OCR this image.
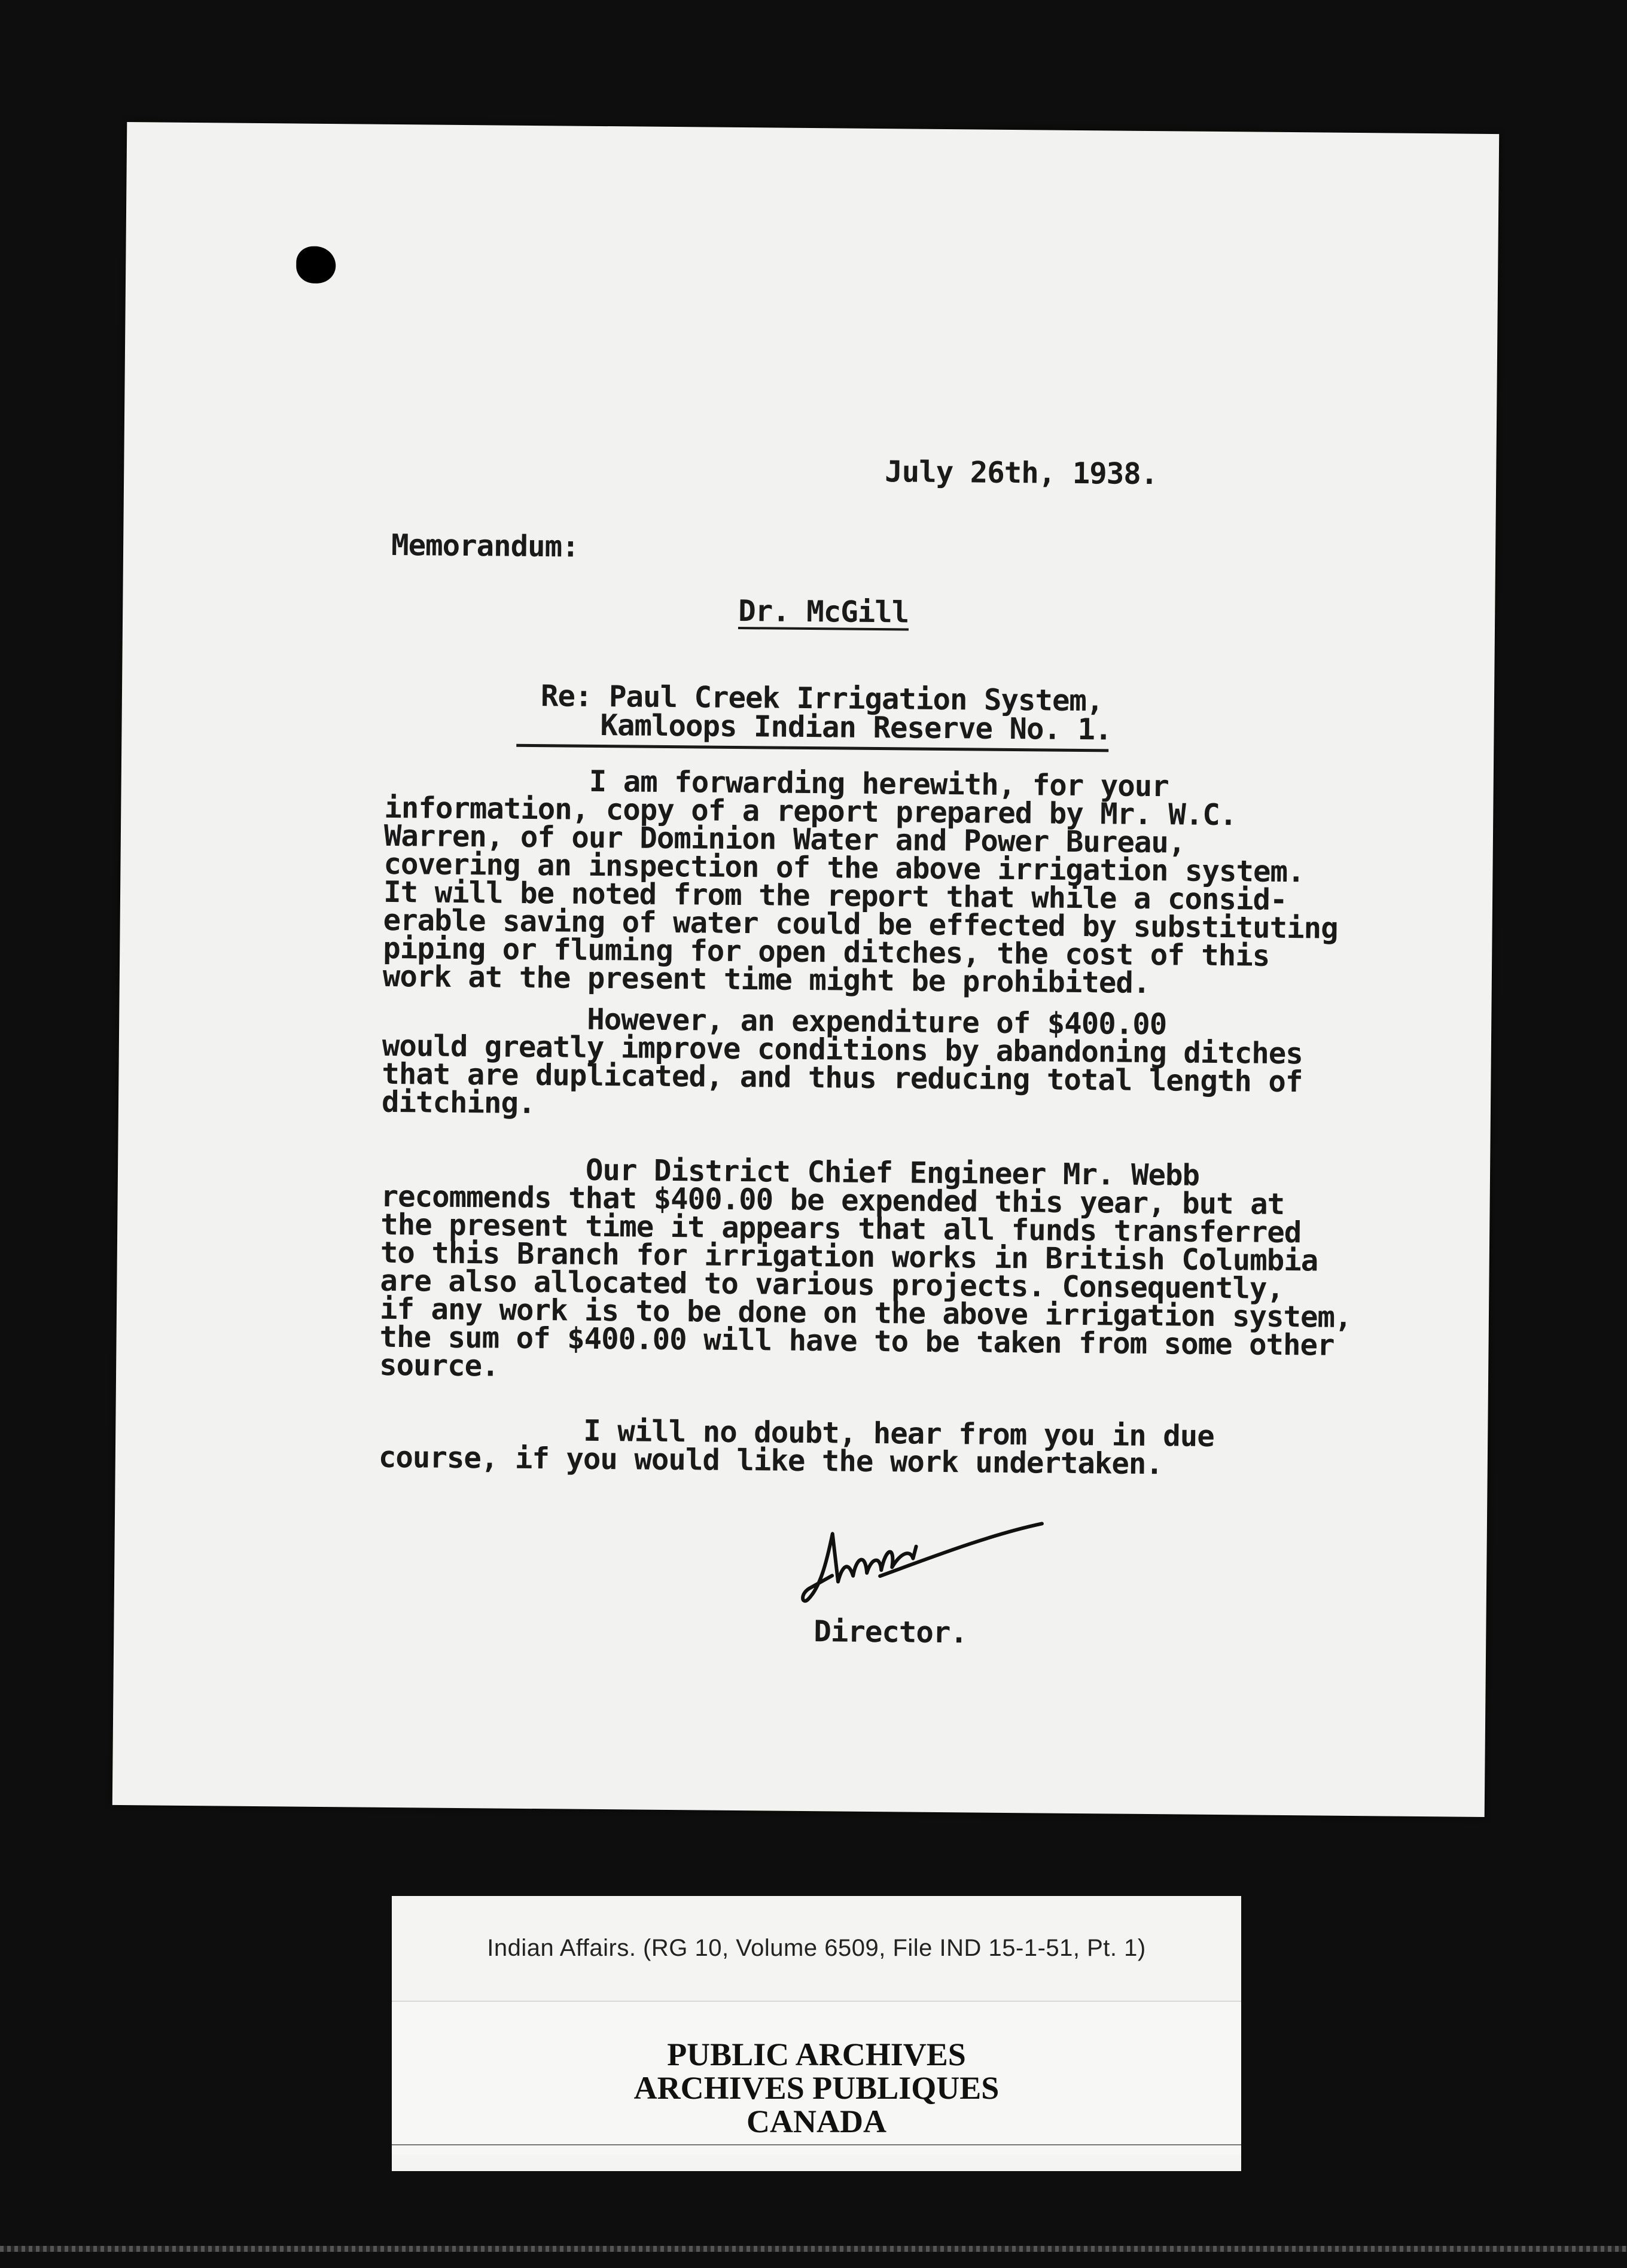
July 26th, 1938.
Memorandum:
Dr. McGill
Re: Paul Creek Irrigation System,
Kamloops Indian Reserve No. 1.
I am forwarding herewith, for your
information, copy of a report prepared by Mr. W.C.
Warren, of our Dominion Water and Power Bureau,
covering an inspection of the above irrigation system.
It will be noted from the report that while a consid-
erable saving of water could be effected by substituting
piping or fluming for open ditches, the cost of this
work at the present time might be prohibited.
However, an expenditure of $400.00
would greatly improve conditions by abandoning ditches
that are duplicated, and thus reducing total length of
ditching.
Our District Chief Engineer Mr. Webb
recommends that $400.00 be expended this year, but at
the present time it appears that all funds transferred
to this Branch for irrigation works in British Columbia
are also allocated to various projects. Consequently,
if any work is to be done on the above irrigation system,
the sum of $400.00 will have to be taken from some other
source.
I will no doubt, hear from you in due
course, if you would like the work undertaken.
Director.
Indian Affairs. (RG 10, Volume 6509, File IND 15-1-51, Pt. 1)
PUBLIC ARCHIVES
ARCHIVES PUBLIQUES
CANADA
